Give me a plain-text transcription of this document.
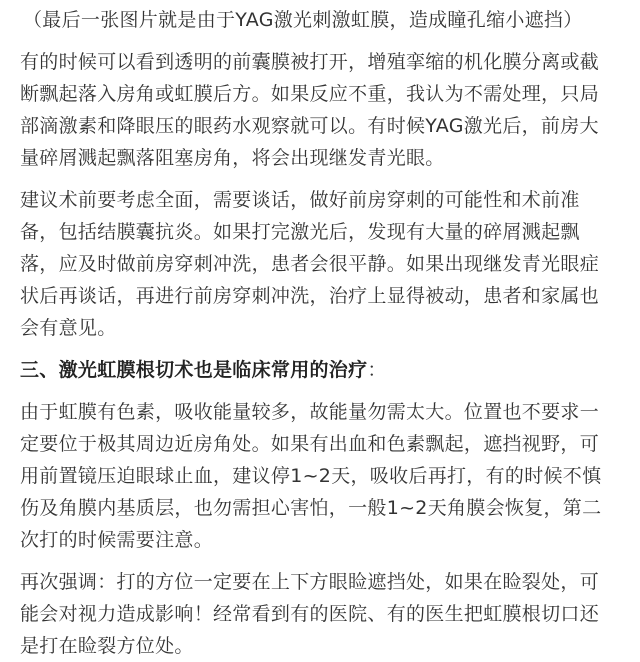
（最后一张图片就是由于YAG激光刺激虹膜，造成瞳孔缩小遮挡）
有的时候可以看到透明的前囊膜被打开，增殖挛缩的机化膜分离或截
断飘起落入房角或虹膜后方。如果反应不重，我认为不需处理，只局
部滴激素和降眼压的眼药水观察就可以。有时候YAG激光后，前房大
量碎屑溅起飘落阻塞房角，将会出现继发青光眼。
建议术前要考虑全面，需要谈话，做好前房穿刺的可能性和术前准
备，包括结膜囊抗炎。如果打完激光后，发现有大量的碎屑溅起飘
落，应及时做前房穿刺冲洗，患者会很平静。如果出现继发青光眼症
状后再谈话，再进行前房穿刺冲洗，治疗上显得被动，患者和家属也
会有意见。
三、激光虹膜根切术也是临床常用的治疗：
由于虹膜有色素，吸收能量较多，故能量勿需太大。位置也不要求一
定要位于极其周边近房角处。如果有出血和色素飘起，遮挡视野，可
用前置镜压迫眼球止血，建议停1~2天，吸收后再打，有的时候不慎
伤及角膜内基质层，也勿需担心害怕，一般1~2天角膜会恢复，第二
次打的时候需要注意。
再次强调：打的方位一定要在上下方眼睑遮挡处，如果在睑裂处，可
能会对视力造成影响！经常看到有的医院、有的医生把虹膜根切口还
是打在睑裂方位处。
